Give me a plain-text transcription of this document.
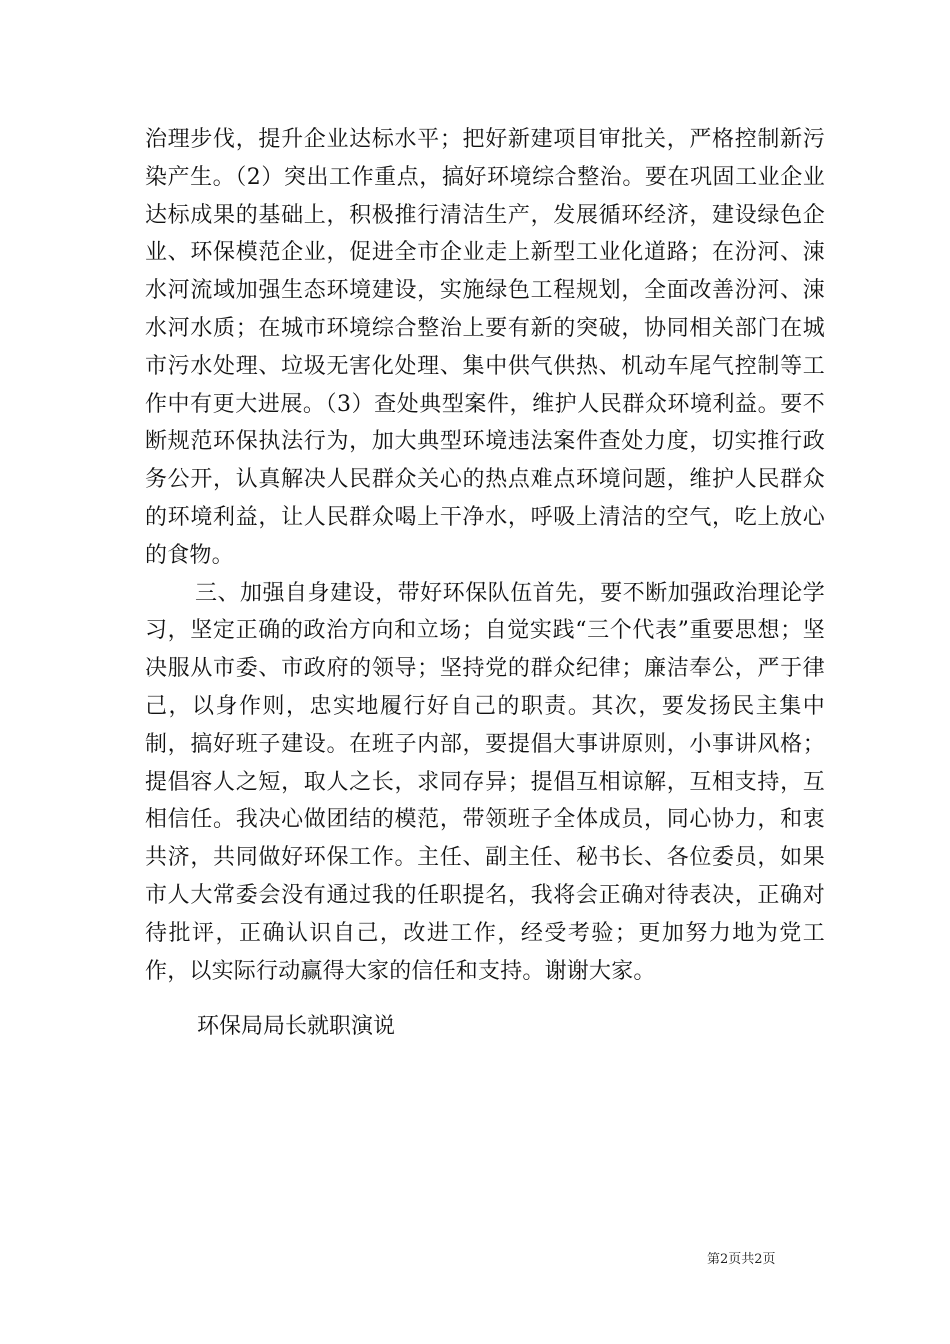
治理步伐，提升企业达标水平；把好新建项目审批关，严格控制新污染产生。（2）突出工作重点，搞好环境综合整治。要在巩固工业企业达标成果的基础上，积极推行清洁生产，发展循环经济，建设绿色企业、环保模范企业，促进全市企业走上新型工业化道路；在汾河、涑水河流域加强生态环境建设，实施绿色工程规划，全面改善汾河、涑水河水质；在城市环境综合整治上要有新的突破，协同相关部门在城市污水处理、垃圾无害化处理、集中供气供热、机动车尾气控制等工作中有更大进展。（3）查处典型案件，维护人民群众环境利益。要不断规范环保执法行为，加大典型环境违法案件查处力度，切实推行政务公开，认真解决人民群众关心的热点难点环境问题，维护人民群众的环境利益，让人民群众喝上干净水，呼吸上清洁的空气，吃上放心的食物。

三、加强自身建设，带好环保队伍首先，要不断加强政治理论学习，坚定正确的政治方向和立场；自觉实践“三个代表”重要思想；坚决服从市委、市政府的领导；坚持党的群众纪律；廉洁奉公，严于律己，以身作则，忠实地履行好自己的职责。其次，要发扬民主集中制，搞好班子建设。在班子内部，要提倡大事讲原则，小事讲风格；提倡容人之短，取人之长，求同存异；提倡互相谅解，互相支持，互相信任。我决心做团结的模范，带领班子全体成员，同心协力，和衷共济，共同做好环保工作。主任、副主任、秘书长、各位委员，如果市人大常委会没有通过我的任职提名，我将会正确对待表决，正确对待批评，正确认识自己，改进工作，经受考验；更加努力地为党工作，以实际行动赢得大家的信任和支持。谢谢大家。

环保局局长就职演说
第2页共2页
